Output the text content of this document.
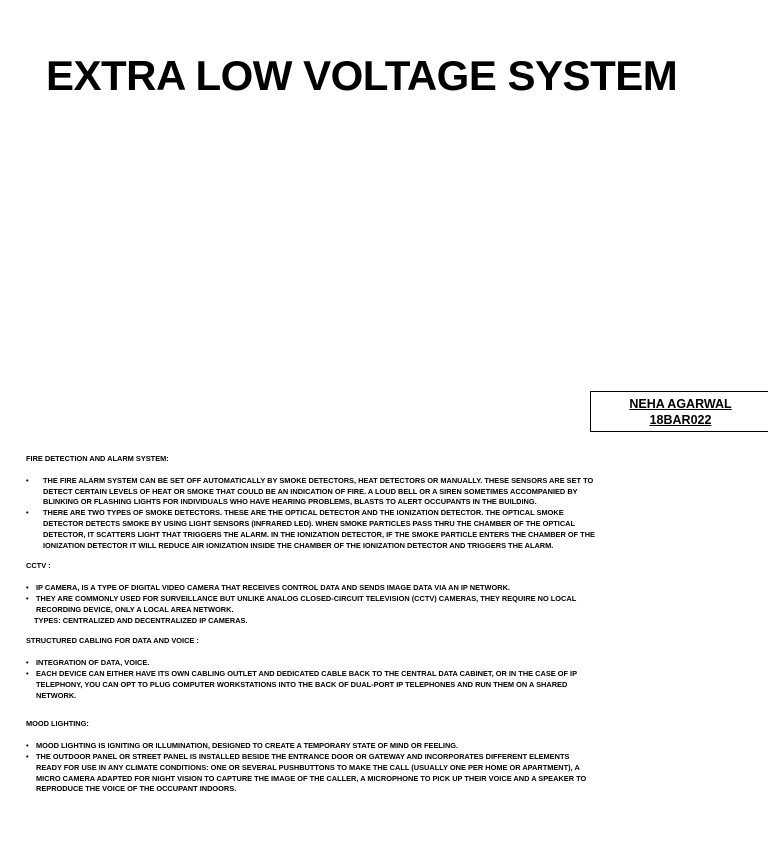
EXTRA LOW VOLTAGE SYSTEM
NEHA AGARWAL
18BAR022

FIRE DETECTION AND ALARM SYSTEM:

• THE FIRE ALARM SYSTEM CAN BE SET OFF AUTOMATICALLY BY SMOKE DETECTORS, HEAT DETECTORS OR MANUALLY. THESE SENSORS ARE SET TO DETECT CERTAIN LEVELS OF HEAT OR SMOKE THAT COULD BE AN INDICATION OF FIRE. A LOUD BELL OR A SIREN SOMETIMES ACCOMPANIED BY BLINKING OR FLASHING LIGHTS FOR INDIVIDUALS WHO HAVE HEARING PROBLEMS, BLASTS TO ALERT OCCUPANTS IN THE BUILDING.
• THERE ARE TWO TYPES OF SMOKE DETECTORS. THESE ARE THE OPTICAL DETECTOR AND THE IONIZATION DETECTOR. THE OPTICAL SMOKE DETECTOR DETECTS SMOKE BY USING LIGHT SENSORS (INFRARED LED). WHEN SMOKE PARTICLES PASS THRU THE CHAMBER OF THE OPTICAL DETECTOR, IT SCATTERS LIGHT THAT TRIGGERS THE ALARM. IN THE IONIZATION DETECTOR, IF THE SMOKE PARTICLE ENTERS THE CHAMBER OF THE IONIZATION DETECTOR IT WILL REDUCE AIR IONIZATION INSIDE THE CHAMBER OF THE IONIZATION DETECTOR AND TRIGGERS THE ALARM.

CCTV :

• IP CAMERA, IS A TYPE OF DIGITAL VIDEO CAMERA THAT RECEIVES CONTROL DATA AND SENDS IMAGE DATA VIA AN IP NETWORK.
• THEY ARE COMMONLY USED FOR SURVEILLANCE BUT UNLIKE ANALOG CLOSED-CIRCUIT TELEVISION (CCTV) CAMERAS, THEY REQUIRE NO LOCAL RECORDING DEVICE, ONLY A LOCAL AREA NETWORK.
TYPES: CENTRALIZED AND DECENTRALIZED IP CAMERAS.

STRUCTURED CABLING FOR DATA AND VOICE :

• INTEGRATION OF DATA, VOICE.
• EACH DEVICE CAN EITHER HAVE ITS OWN CABLING OUTLET AND DEDICATED CABLE BACK TO THE CENTRAL DATA CABINET, OR IN THE CASE OF IP TELEPHONY, YOU CAN OPT TO PLUG COMPUTER WORKSTATIONS INTO THE BACK OF DUAL-PORT IP TELEPHONES AND RUN THEM ON A SHARED NETWORK.

MOOD LIGHTING:

• MOOD LIGHTING IS IGNITING OR ILLUMINATION, DESIGNED TO CREATE A TEMPORARY STATE OF MIND OR FEELING.
• THE OUTDOOR PANEL OR STREET PANEL IS INSTALLED BESIDE THE ENTRANCE DOOR OR GATEWAY AND INCORPORATES DIFFERENT ELEMENTS READY FOR USE IN ANY CLIMATE CONDITIONS: ONE OR SEVERAL PUSHBUTTONS TO MAKE THE CALL (USUALLY ONE PER HOME OR APARTMENT), A MICRO CAMERA ADAPTED FOR NIGHT VISION TO CAPTURE THE IMAGE OF THE CALLER, A MICROPHONE TO PICK UP THEIR VOICE AND A SPEAKER TO REPRODUCE THE VOICE OF THE OCCUPANT INDOORS.
